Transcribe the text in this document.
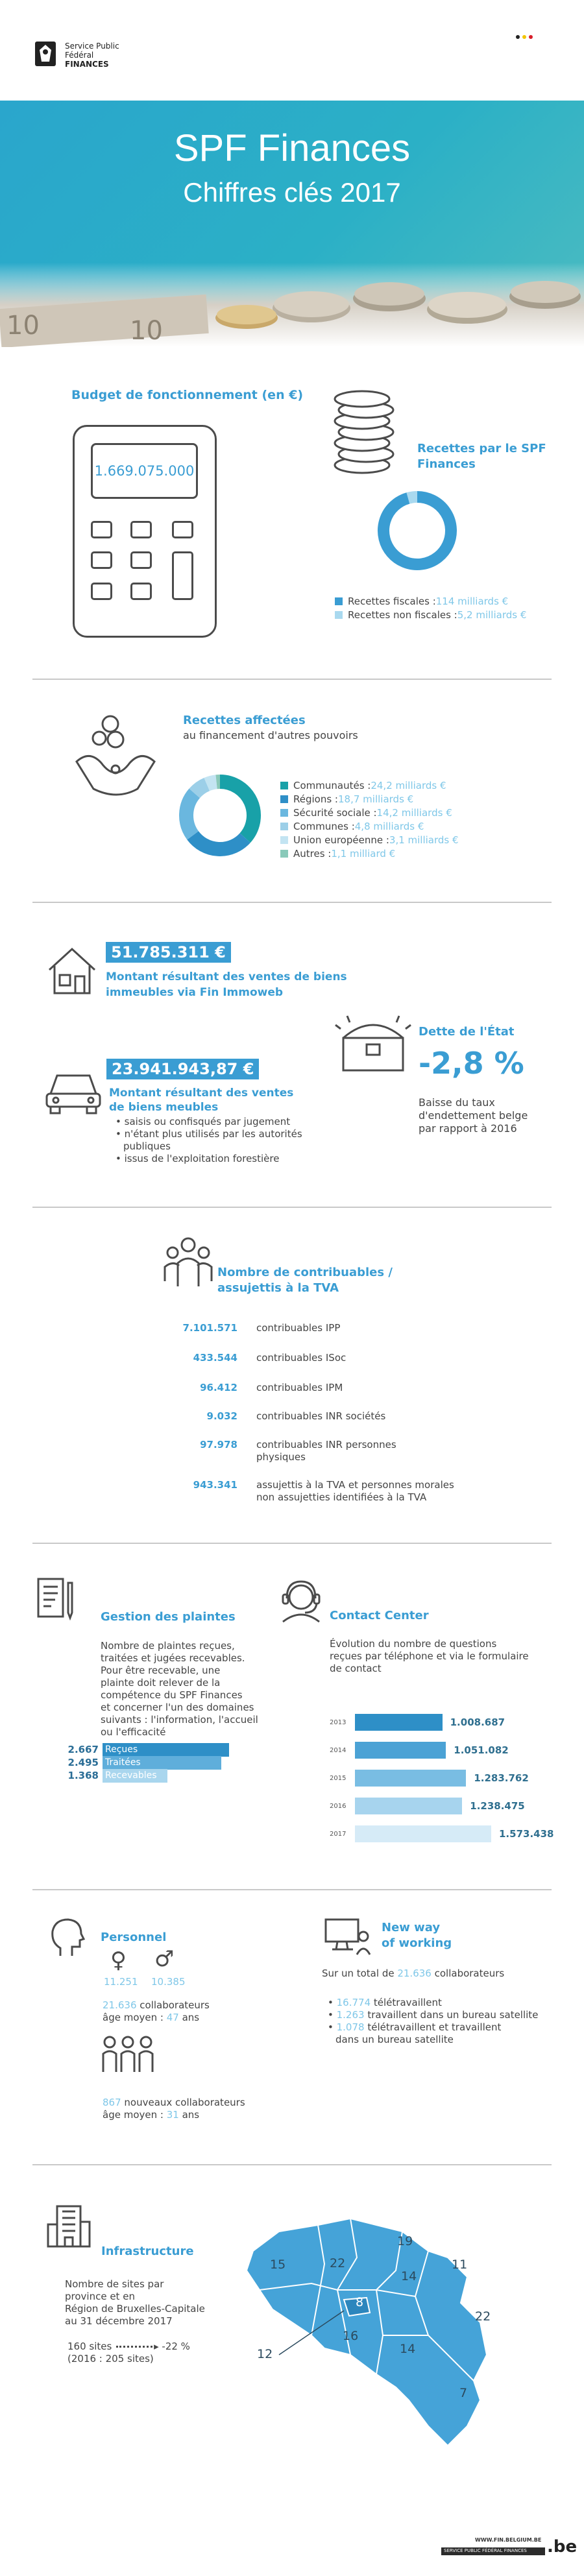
Service Public
Fédéral
FINANCES
SPF Finances
Chiffres clés 2017
10	10
Budget de fonctionnement (en €)
1.669.075.000
Recettes par le SPF Finances
Recettes fiscales : 114 milliards €
Recettes non fiscales : 5,2 milliards €
Recettes affectées
au financement d'autres pouvoirs
Communautés : 24,2 milliards €
Régions : 18,7 milliards €
Sécurité sociale : 14,2 milliards €
Communes : 4,8 milliards €
Union européenne : 3,1 milliards €
Autres : 1,1 milliard €
51.785.311 €
Montant résultant des ventes de biens
immeubles via Fin Immoweb
23.941.943,87 €
Montant résultant des ventes
de biens meubles
• saisis ou confisqués par jugement
• n'étant plus utilisés par les autorités
publiques
• issus de l'exploitation forestière
Dette de l'État
-2,8 %
Baisse du taux
d'endettement belge
par rapport à 2016
Nombre de contribuables /
assujettis à la TVA
7.101.571 contribuables IPP
433.544 contribuables ISoc
96.412 contribuables IPM
9.032 contribuables INR sociétés
97.978 contribuables INR personnes
physiques
943.341 assujettis à la TVA et personnes morales
non assujetties identifiées à la TVA
Gestion des plaintes
Nombre de plaintes reçues,
traitées et jugées recevables.
Pour être recevable, une
plainte doit relever de la
compétence du SPF Finances
et concerner l'un des domaines
suivants : l'information, l'accueil
ou l'efficacité
2.667 Reçues
2.495 Traitées
1.368 Recevables
Contact Center
Évolution du nombre de questions
reçues par téléphone et via le formulaire
de contact
2013	1.008.687
2014	1.051.082
2015	1.283.762
2016	1.238.475
2017	1.573.438
Personnel
♀ ♂
11.251 10.385
21.636 collaborateurs
âge moyen : 47 ans
867 nouveaux collaborateurs
âge moyen : 31 ans
New way
of working
Sur un total de 21.636 collaborateurs
• 16.774 télétravaillent
• 1.263 travaillent dans un bureau satellite
• 1.078 télétravaillent et travaillent
dans un bureau satellite
Infrastructure
Nombre de sites par
province et en
Région de Bruxelles-Capitale
au 31 décembre 2017
160 sites	▸ -22 %
(2016 : 205 sites)
19
15	22	11
14
8
22
12
16
14
7
WWW.FIN.BELGIUM.BE
SERVICE PUBLIC FÉDÉRAL FINANCES .be
